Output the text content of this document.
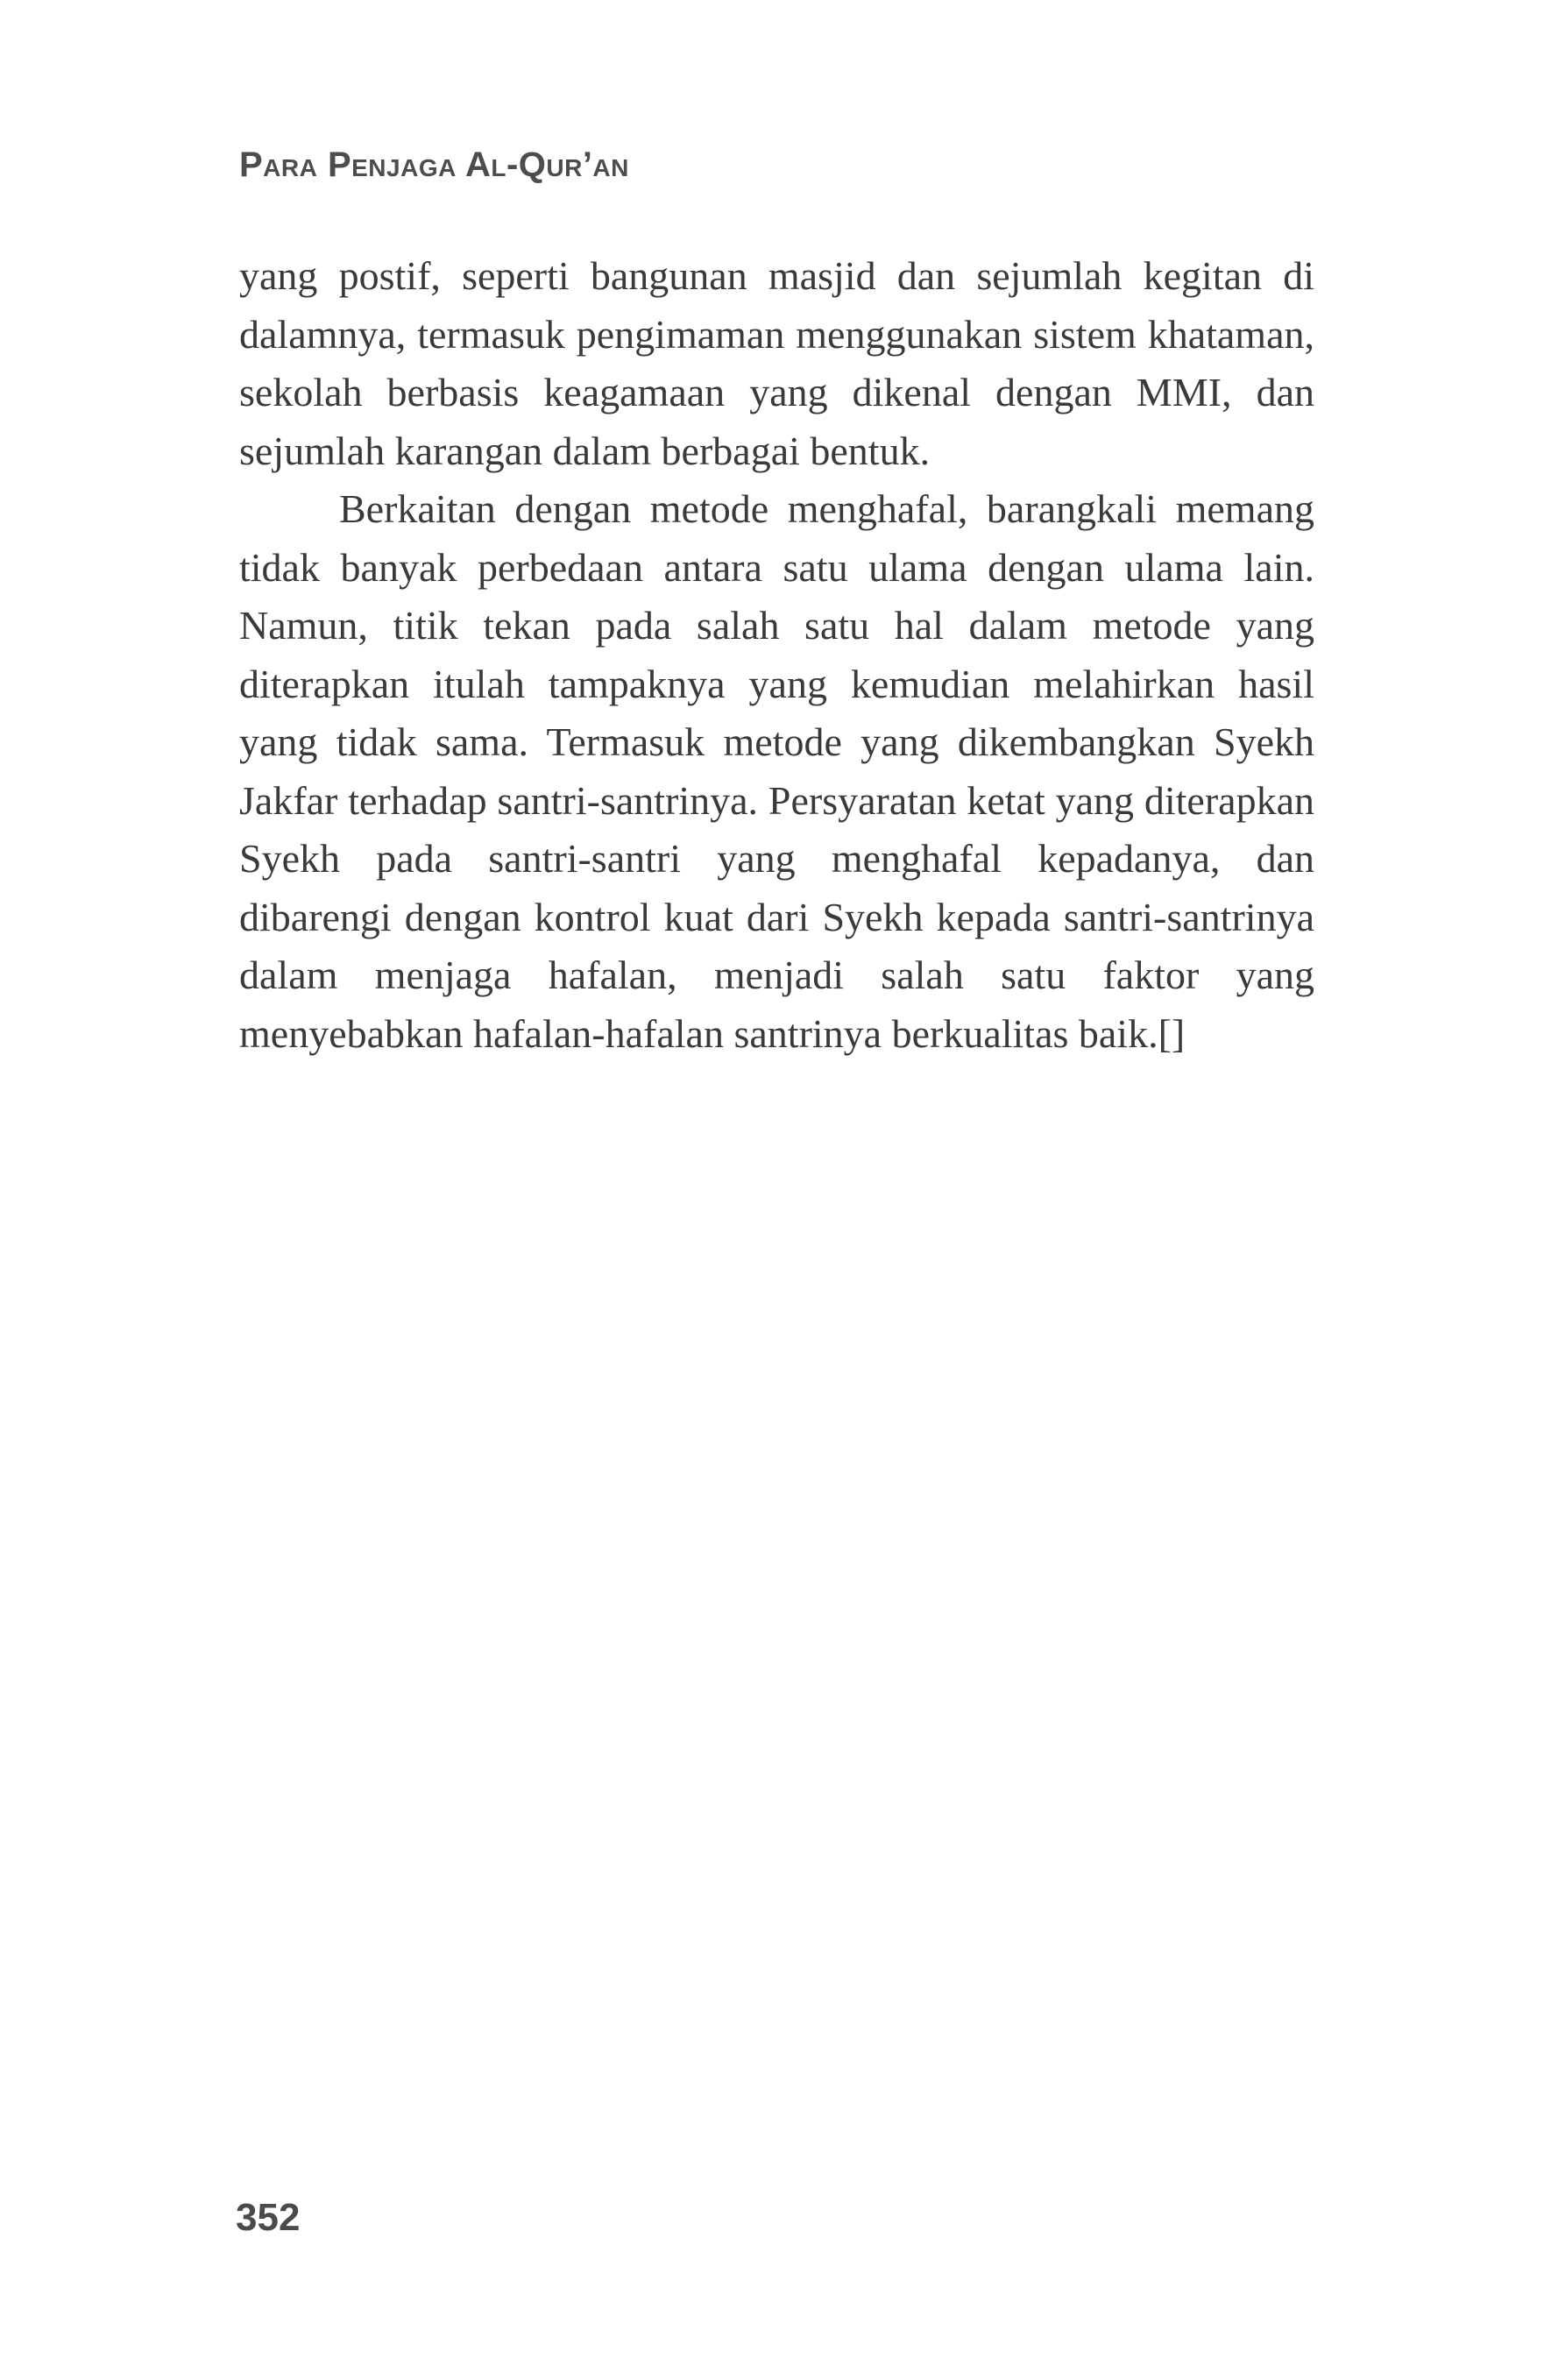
Para Penjaga Al-Qur’an

yang postif, seperti bangunan masjid dan sejumlah kegitan di dalamnya, termasuk pengimaman menggunakan sistem khataman, sekolah berbasis keagamaan yang dikenal dengan MMI, dan sejumlah karangan dalam berbagai bentuk.

Berkaitan dengan metode menghafal, barangkali memang tidak banyak perbedaan antara satu ulama dengan ulama lain. Namun, titik tekan pada salah satu hal dalam metode yang diterapkan itulah tampaknya yang kemudian melahirkan hasil yang tidak sama. Termasuk metode yang dikembangkan Syekh Jakfar terhadap santri-santrinya. Persyaratan ketat yang diterapkan Syekh pada santri-santri yang menghafal kepadanya, dan dibarengi dengan kontrol kuat dari Syekh kepada santri-santrinya dalam menjaga hafalan, menjadi salah satu faktor yang menyebabkan hafalan-hafalan santrinya berkualitas baik.[]

352
